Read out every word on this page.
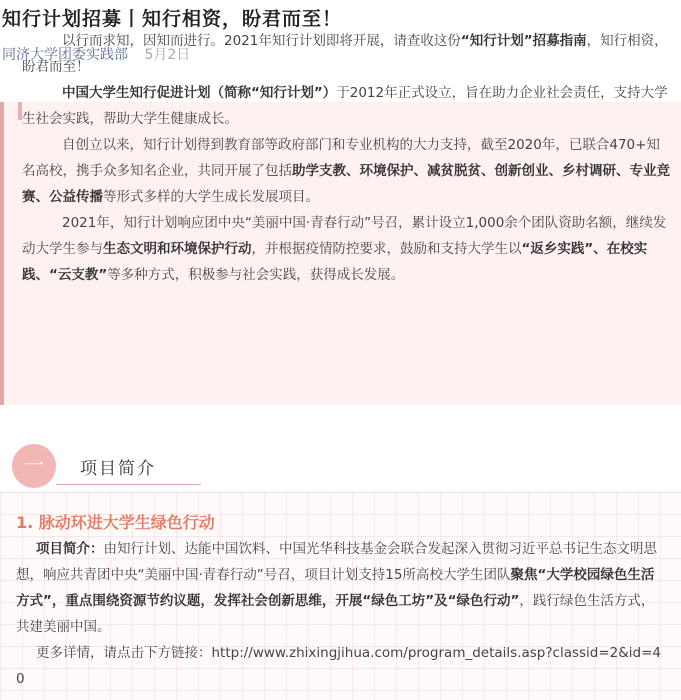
知行计划招募丨知行相资，盼君而至！
同济大学团委实践部 5月2日

以行而求知，因知而进行。2021年知行计划即将开展，请查收这份“知行计划”招募指南，知行相资，盼君而至！

中国大学生知行促进计划（简称“知行计划”）于2012年正式设立，旨在助力企业社会责任，支持大学生社会实践，帮助大学生健康成长。

自创立以来，知行计划得到教育部等政府部门和专业机构的大力支持，截至2020年，已联合470+知名高校，携手众多知名企业，共同开展了包括助学支教、环境保护、减贫脱贫、创新创业、乡村调研、专业竞赛、公益传播等形式多样的大学生成长发展项目。

2021年，知行计划响应团中央“美丽中国·青春行动”号召，累计设立1,000余个团队资助名额，继续发动大学生参与生态文明和环境保护行动，并根据疫情防控要求，鼓励和支持大学生以“返乡实践”、在校实践、“云支教”等多种方式，积极参与社会实践，获得成长发展。

一	项目简介
1. 脉动环进大学生绿色行动

项目简介：由知行计划、达能中国饮料、中国光华科技基金会联合发起深入贯彻习近平总书记生态文明思想，响应共青团中央“美丽中国·青春行动”号召，项目计划支持15所高校大学生团队聚焦“大学校园绿色生活方式”，重点围绕资源节约议题，发挥社会创新思维，开展“绿色工坊”及“绿色行动”，践行绿色生活方式，共建美丽中国。

更多详情，请点击下方链接：http://www.zhixingjihua.com/program_details.asp?classid=2&id=40
